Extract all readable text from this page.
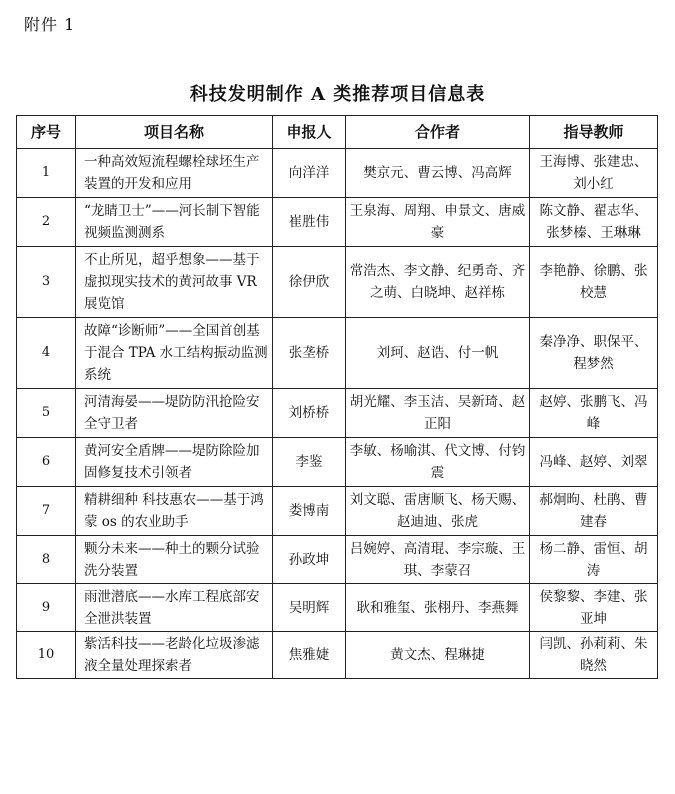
附件 1
科技发明制作 A 类推荐项目信息表
序号	项目名称	申报人	合作者	指导教师
1	一种高效短流程螺栓球坯生产装置的开发和应用	向洋洋	樊京元、曹云博、冯高辉	王海博、张建忠、刘小红
2	“龙睛卫士”——河长制下智能视频监测测系	崔胜伟	王泉海、周翔、申景文、唐威豪	陈文静、翟志华、张梦榛、王琳琳
3	不止所见，超乎想象——基于虚拟现实技术的黄河故事 VR 展览馆	徐伊欣	常浩杰、李文静、纪勇奇、齐之萌、白晓坤、赵祥栋	李艳静、徐鹏、张校慧
4	故障“诊断师”——全国首创基于混合 TPA 水工结构振动监测系统	张垄桥	刘珂、赵诰、付一帆	秦净净、职保平、程梦然
5	河清海晏——堤防防汛抢险安全守卫者	刘桥桥	胡光耀、李玉洁、吴新琦、赵正阳	赵婷、张鹏飞、冯峰
6	黄河安全盾牌——堤防除险加固修复技术引领者	李鉴	李敏、杨喻淇、代文博、付钧震	冯峰、赵婷、刘翠
7	精耕细种 科技惠农——基于鸿蒙 os 的农业助手	娄博南	刘文聪、雷唐顺飞、杨天赐、赵迪迪、张虎	郝炯昫、杜鹃、曹建春
8	颗分未来——种土的颗分试验洗分装置	孙政坤	吕婉婷、高清琨、李宗璇、王琪、李蒙召	杨二静、雷恒、胡涛
9	雨泄潜底——水库工程底部安全泄洪装置	吴明辉	耿和雅玺、张栩丹、李燕舞	侯黎黎、李建、张亚坤
10	紫活科技——老龄化垃圾渗滤液全量处理探索者	焦雅婕	黄文杰、程琳捷	闫凯、孙莉莉、朱晓然
